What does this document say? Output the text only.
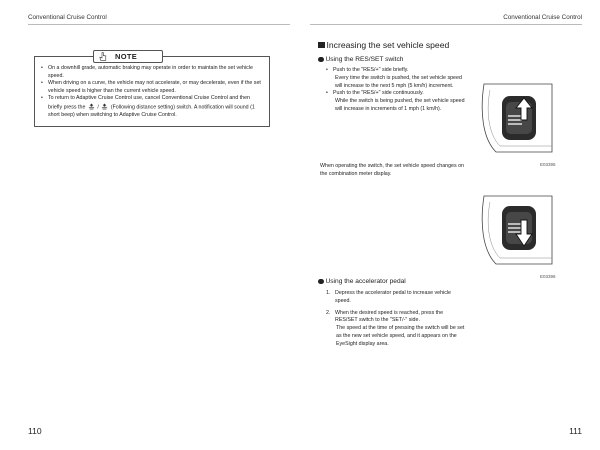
Conventional Cruise Control	Conventional Cruise Control
NOTE
• On a downhill grade, automatic braking may operate in order to maintain the set vehicle speed.
• When driving on a curve, the vehicle may not accelerate, or may decelerate, even if the set vehicle speed is higher than the current vehicle speed.
• To return to Adaptive Cruise Control use, cancel Conventional Cruise Control and then briefly press the / (Following distance setting) switch. A notification will sound (1 short beep) when switching to Adaptive Cruise Control.
Increasing the set vehicle speed
Using the RES/SET switch
• Push to the "RES/+" side briefly.
Every time the switch is pushed, the set vehicle speed will increase to the next 5 mph (5 km/h) increment.
• Push to the "RES/+" side continuously.
While the switch is being pushed, the set vehicle speed will increase in increments of 1 mph (1 km/h).
When operating the switch, the set vehicle speed changes on the combination meter display.
E03395
Using the accelerator pedal
1. Depress the accelerator pedal to increase vehicle speed.
2. When the desired speed is reached, press the RES/SET switch to the "SET/-" side.
The speed at the time of pressing the switch will be set as the new set vehicle speed, and it appears on the EyeSight display area.
E03396
110	111
